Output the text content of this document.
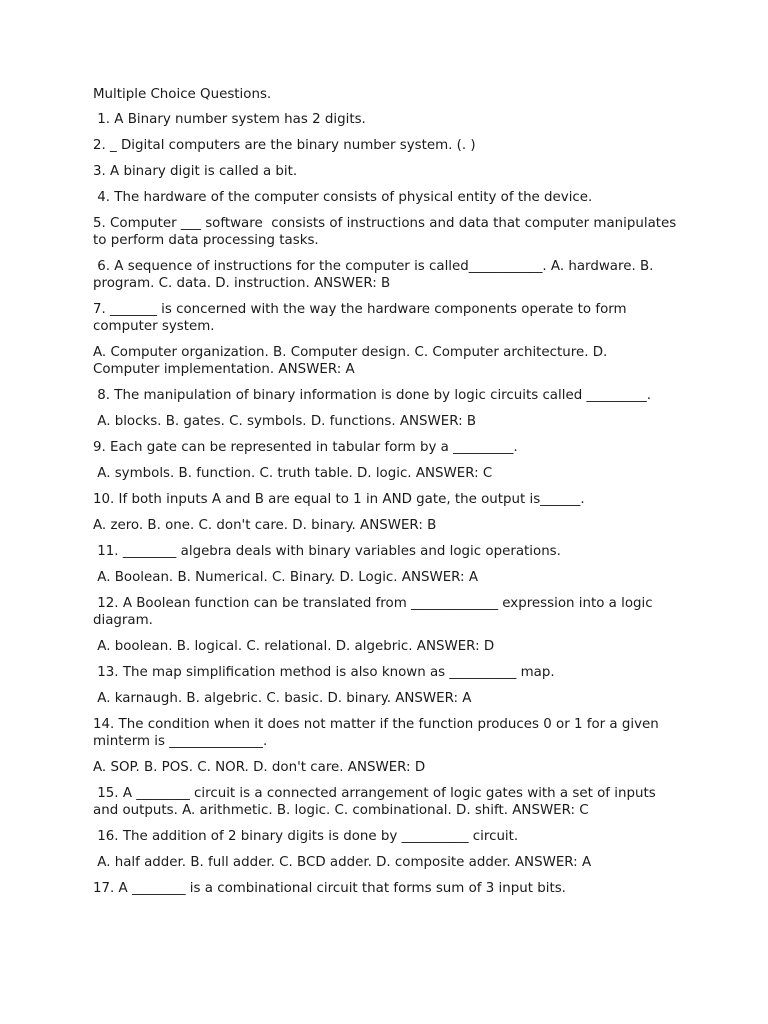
Multiple Choice Questions.

1. A Binary number system has 2 digits.

2. _ Digital computers are the binary number system. (. )

3. A binary digit is called a bit.

4. The hardware of the computer consists of physical entity of the device.

5. Computer ___ software  consists of instructions and data that computer manipulates to perform data processing tasks.

6. A sequence of instructions for the computer is called___________. A. hardware. B. program. C. data. D. instruction. ANSWER: B

7. _______ is concerned with the way the hardware components operate to form computer system.

A. Computer organization. B. Computer design. C. Computer architecture. D. Computer implementation. ANSWER: A

8. The manipulation of binary information is done by logic circuits called _________.

A. blocks. B. gates. C. symbols. D. functions. ANSWER: B

9. Each gate can be represented in tabular form by a _________.

A. symbols. B. function. C. truth table. D. logic. ANSWER: C

10. If both inputs A and B are equal to 1 in AND gate, the output is______.

A. zero. B. one. C. don't care. D. binary. ANSWER: B

11. ________ algebra deals with binary variables and logic operations.

A. Boolean. B. Numerical. C. Binary. D. Logic. ANSWER: A

12. A Boolean function can be translated from _____________ expression into a logic diagram.

A. boolean. B. logical. C. relational. D. algebric. ANSWER: D

13. The map simplification method is also known as __________ map.

A. karnaugh. B. algebric. C. basic. D. binary. ANSWER: A

14. The condition when it does not matter if the function produces 0 or 1 for a given minterm is ______________.

A. SOP. B. POS. C. NOR. D. don't care. ANSWER: D

15. A ________ circuit is a connected arrangement of logic gates with a set of inputs and outputs. A. arithmetic. B. logic. C. combinational. D. shift. ANSWER: C

16. The addition of 2 binary digits is done by __________ circuit.

A. half adder. B. full adder. C. BCD adder. D. composite adder. ANSWER: A

17. A ________ is a combinational circuit that forms sum of 3 input bits.
